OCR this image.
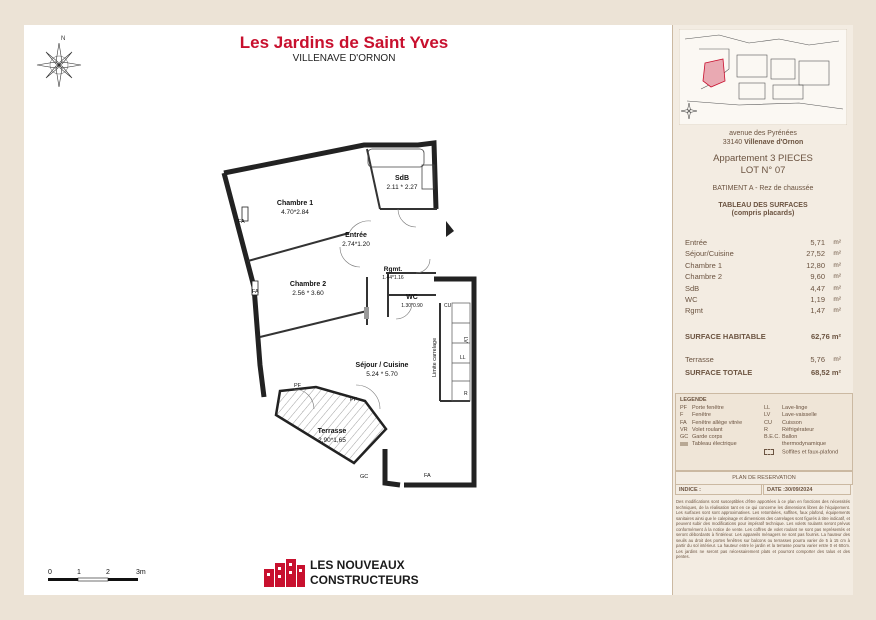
N	Les Jardins de Saint Yves
VILLENAVE D'ORNON
Chambre 1
4.70*2.84
SdB
2.11 * 2.27
Entrée
2.74*1.20
Chambre 2
2.56 * 3.60
Rgmt.
1.44*1.16
WC
1.30*0.90
Séjour / Cuisine
5.24 * 5.70
Terrasse
2,90*1,65
FA
FA
FA
PF
PF
GC
CU
LV
LL
R
Limite carrelage
0	1	2	3m
LES NOUVEAUX
CONSTRUCTEURS
avenue des Pyrénées
33140 Villenave d'Ornon
Appartement 3 PIECES
LOT N° 07
BATIMENT A - Rez de chaussée
TABLEAU DES SURFACES
(compris placards)
Entrée	5,71	m²
Séjour/Cuisine	27,52	m²
Chambre 1	12,80	m²
Chambre 2	9,60	m²
SdB	4,47	m²
WC	1,19	m²
Rgmt	1,47	m²
SURFACE HABITABLE	62,76 m²
Terrasse	5,76	m²
SURFACE TOTALE	68,52 m²
LEGENDE
PF Porte fenêtre
F Fenêtre
FA Fenêtre allège vitrée
VR Volet roulant
GC Garde corps
Tableau électrique
LL Lave-linge
LV Lave-vaisselle
CU Cuisson
R	Réfrigérateur
B.E.C. Ballon
thermodynamique
Soffites et faux-plafond
PLAN DE RESERVATION
INDICE :	DATE :30/09/2024
Des modifications sont susceptibles d'être apportées à ce plan en fonctions des nécessités techniques, de la réalisation tant en ce qui concerne les dimensions libres de l'équipement. Les surfaces sont sont approximatives. Les retombées, soffites, faux plafond, équipements sanitaires ainsi que le calepinage et dimensions des carrelages sont figurés à titre indicatif, et peuvent subir des modifications pour impératif technique. Les volets roulants seront prévus conformément à la notice de vente. Les coffres de volet roulant ne sont pas représentés et seront débordants à l'intérieur. Les appareils ménagers ne sont pas fournis. La hauteur des seuils au droit des portes fenêtres sur balcons ou terrasses pourra varier de 5 à 15 cm à partir du sol intérieur. La hauteur entre le jardin et la terrasse pourra varier entre 0 et 60cm. Les jardins ne seront pas nécessairement plats et pourront comporter des talus et des pentes.
